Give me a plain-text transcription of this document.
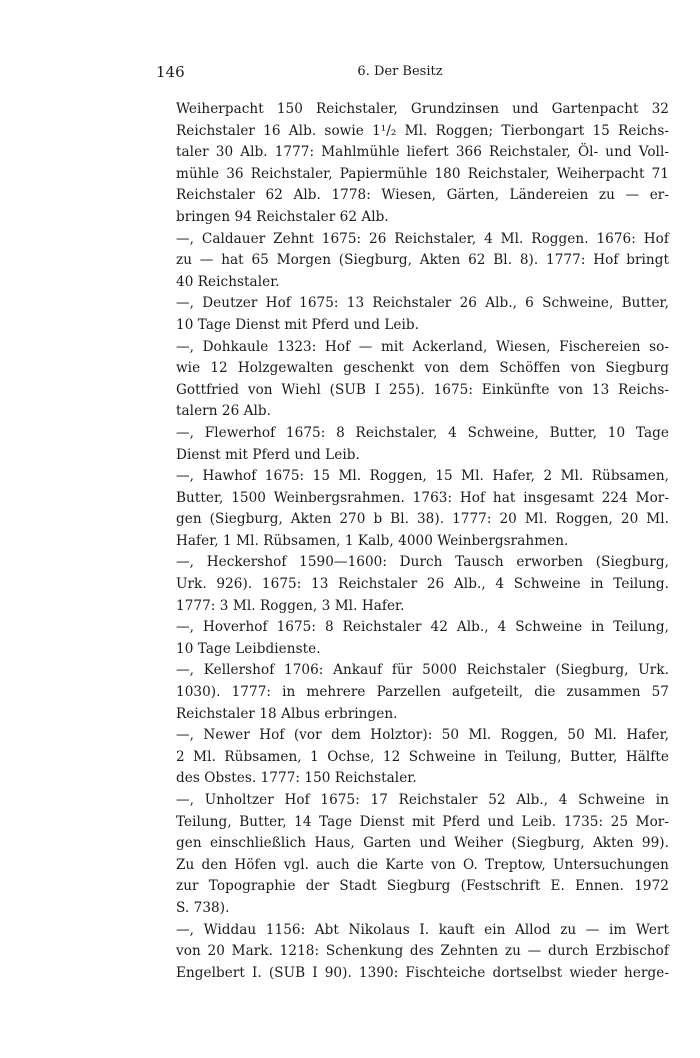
146	6. Der Besitz
Weiherpacht 150 Reichstaler, Grundzinsen und Gartenpacht 32
Reichstaler 16 Alb. sowie 1¹/₂ Ml. Roggen; Tierbongart 15 Reichs-
taler 30 Alb. 1777: Mahlmühle liefert 366 Reichstaler, Öl- und Voll-
mühle 36 Reichstaler, Papiermühle 180 Reichstaler, Weiherpacht 71
Reichstaler 62 Alb. 1778: Wiesen, Gärten, Ländereien zu — er-
bringen 94 Reichstaler 62 Alb.
—, Caldauer Zehnt 1675: 26 Reichstaler, 4 Ml. Roggen. 1676: Hof
zu — hat 65 Morgen (Siegburg, Akten 62 Bl. 8). 1777: Hof bringt
40 Reichstaler.
—, Deutzer Hof 1675: 13 Reichstaler 26 Alb., 6 Schweine, Butter,
10 Tage Dienst mit Pferd und Leib.
—, Dohkaule 1323: Hof — mit Ackerland, Wiesen, Fischereien so-
wie 12 Holzgewalten geschenkt von dem Schöffen von Siegburg
Gottfried von Wiehl (SUB I 255). 1675: Einkünfte von 13 Reichs-
talern 26 Alb.
—, Flewerhof 1675: 8 Reichstaler, 4 Schweine, Butter, 10 Tage
Dienst mit Pferd und Leib.
—, Hawhof 1675: 15 Ml. Roggen, 15 Ml. Hafer, 2 Ml. Rübsamen,
Butter, 1500 Weinbergsrahmen. 1763: Hof hat insgesamt 224 Mor-
gen (Siegburg, Akten 270 b Bl. 38). 1777: 20 Ml. Roggen, 20 Ml.
Hafer, 1 Ml. Rübsamen, 1 Kalb, 4000 Weinbergsrahmen.
—, Heckershof 1590—1600: Durch Tausch erworben (Siegburg,
Urk. 926). 1675: 13 Reichstaler 26 Alb., 4 Schweine in Teilung.
1777: 3 Ml. Roggen, 3 Ml. Hafer.
—, Hoverhof 1675: 8 Reichstaler 42 Alb., 4 Schweine in Teilung,
10 Tage Leibdienste.
—, Kellershof 1706: Ankauf für 5000 Reichstaler (Siegburg, Urk.
1030). 1777: in mehrere Parzellen aufgeteilt, die zusammen 57
Reichstaler 18 Albus erbringen.
—, Newer Hof (vor dem Holztor): 50 Ml. Roggen, 50 Ml. Hafer,
2 Ml. Rübsamen, 1 Ochse, 12 Schweine in Teilung, Butter, Hälfte
des Obstes. 1777: 150 Reichstaler.
—, Unholtzer Hof 1675: 17 Reichstaler 52 Alb., 4 Schweine in
Teilung, Butter, 14 Tage Dienst mit Pferd und Leib. 1735: 25 Mor-
gen einschließlich Haus, Garten und Weiher (Siegburg, Akten 99).
Zu den Höfen vgl. auch die Karte von O. Treptow, Untersuchungen
zur Topographie der Stadt Siegburg (Festschrift E. Ennen. 1972
S. 738).
—, Widdau 1156: Abt Nikolaus I. kauft ein Allod zu — im Wert
von 20 Mark. 1218: Schenkung des Zehnten zu — durch Erzbischof
Engelbert I. (SUB I 90). 1390: Fischteiche dortselbst wieder herge-
